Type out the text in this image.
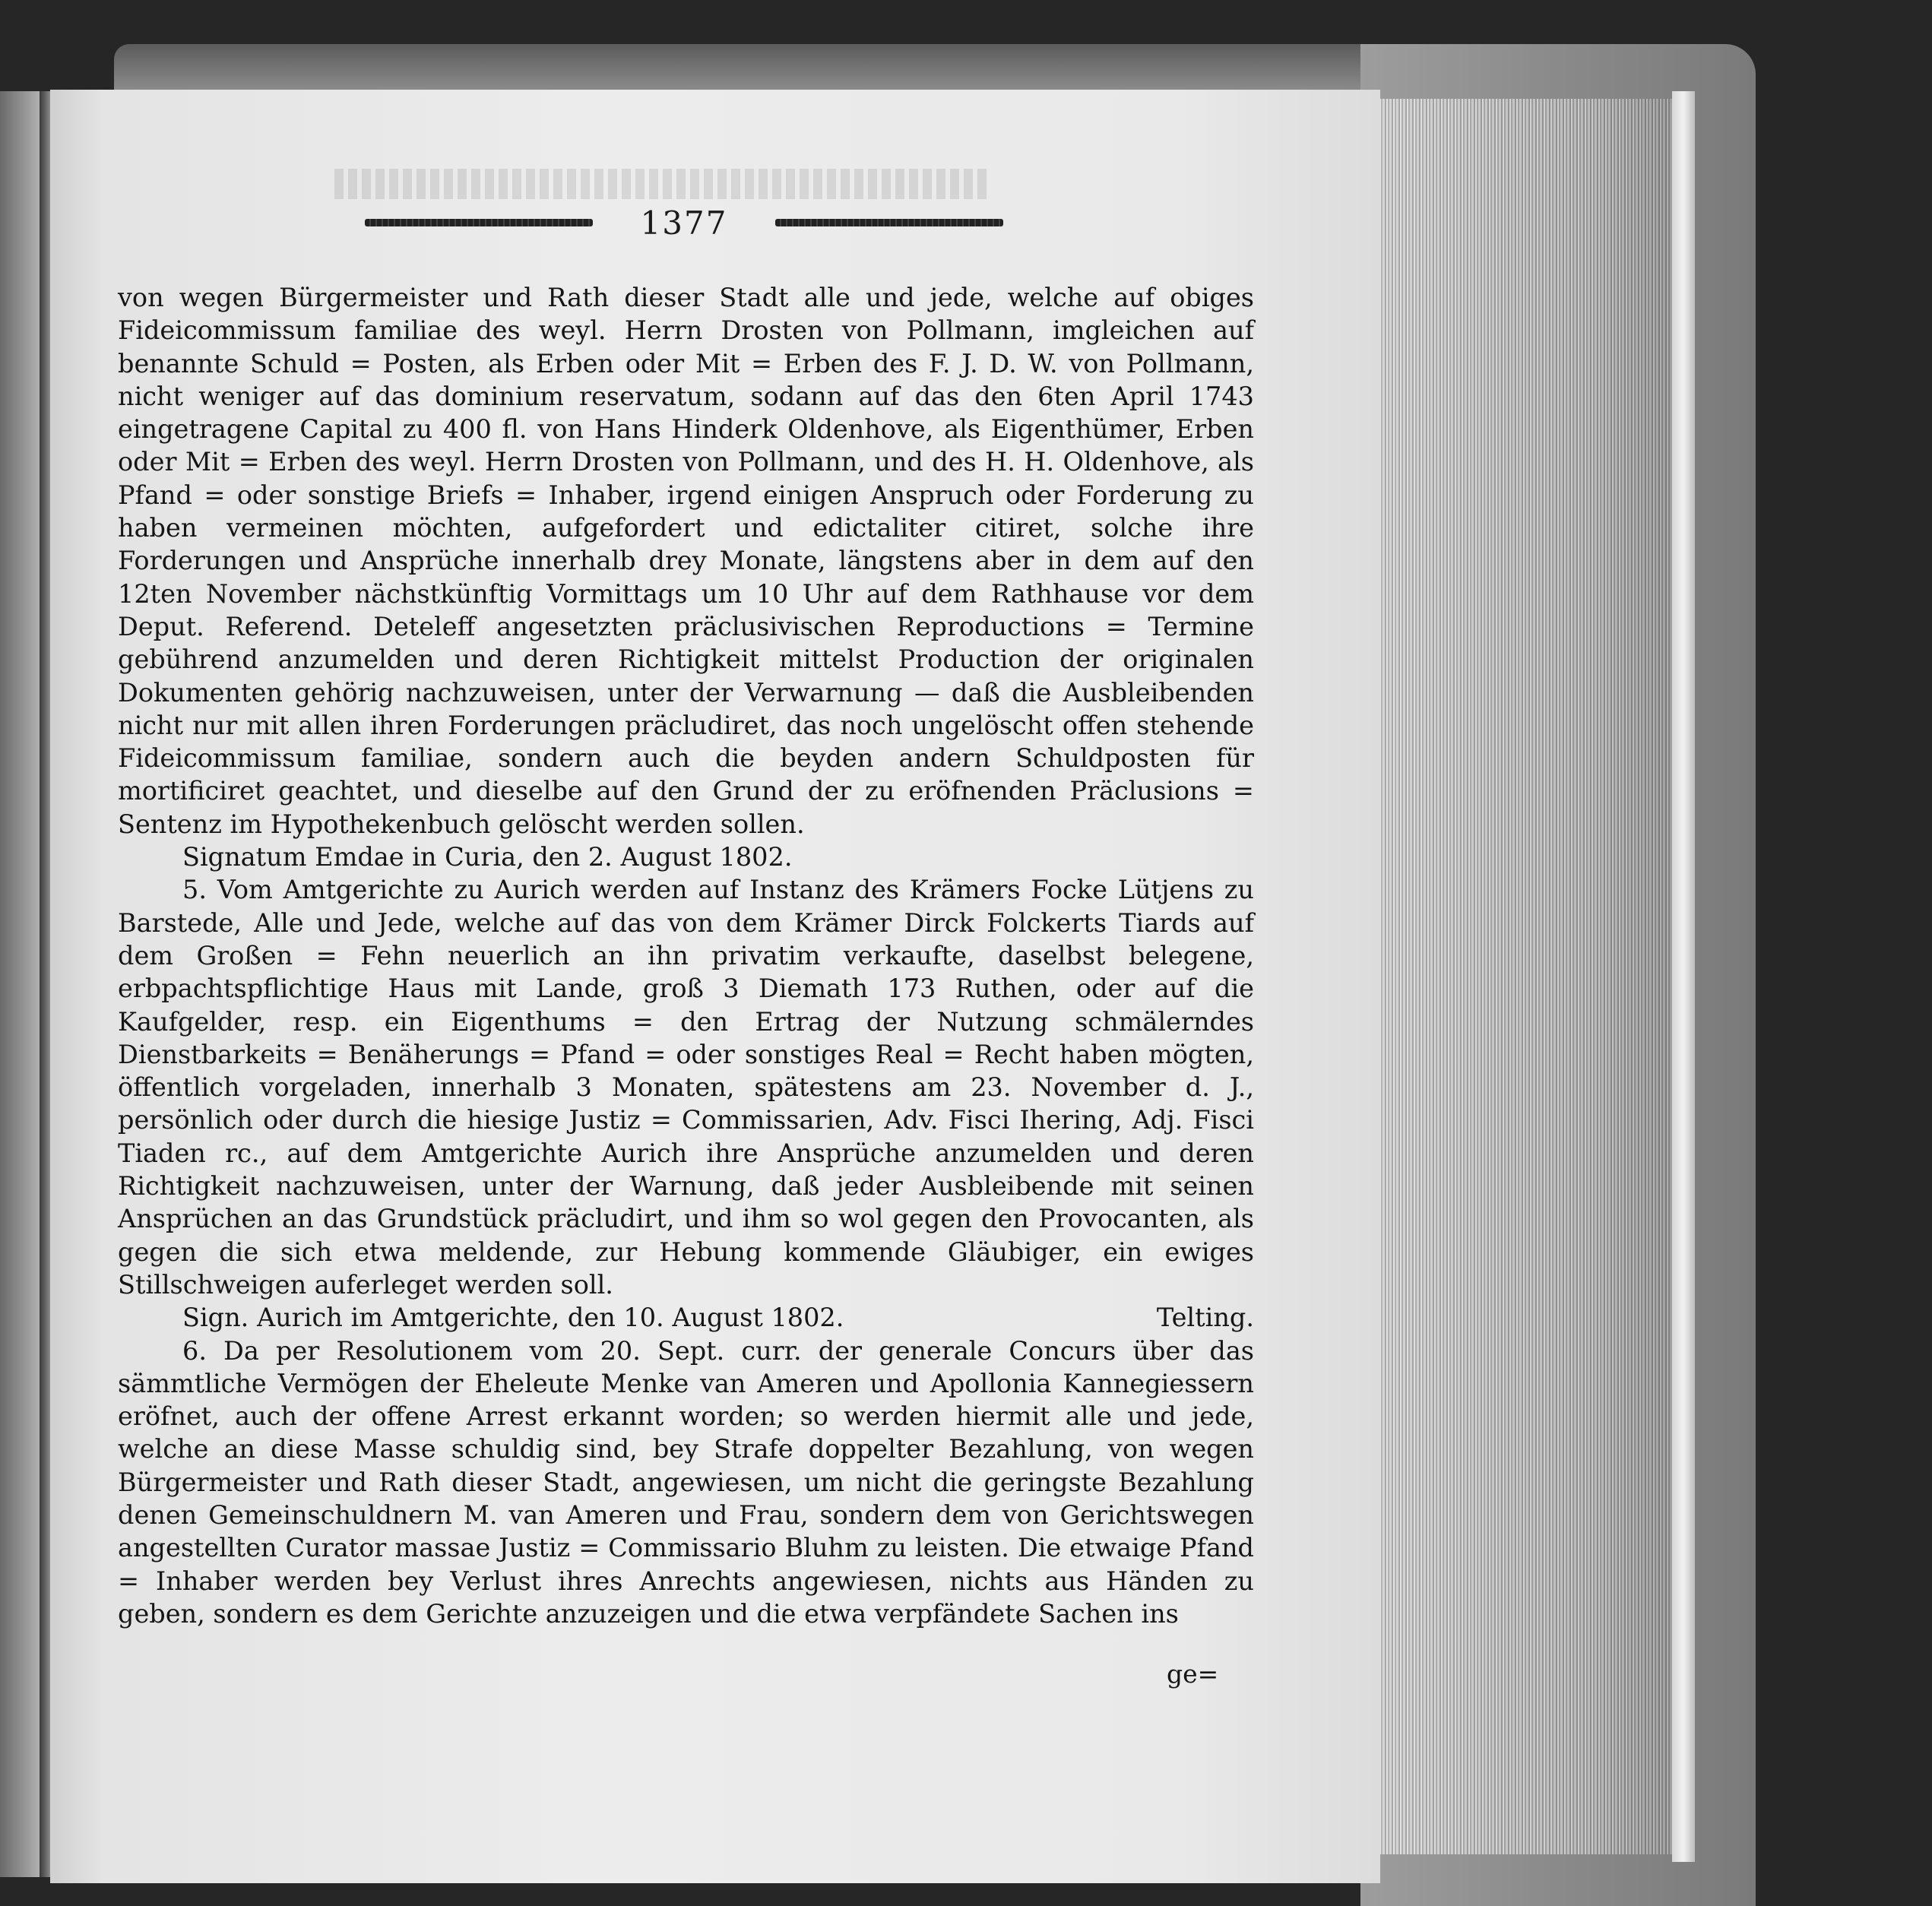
1377

von wegen Bürgermeister und Rath dieser Stadt alle und jede, welche auf obiges Fideicommissum familiae des weyl. Herrn Drosten von Pollmann, imgleichen auf benannte Schuld = Posten, als Erben oder Mit = Erben des F. J. D. W. von Pollmann, nicht weniger auf das dominium reservatum, sodann auf das den 6ten April 1743 eingetragene Capital zu 400 fl. von Hans Hinderk Oldenhove, als Eigenthümer, Erben oder Mit = Erben des weyl. Herrn Drosten von Pollmann, und des H. H. Oldenhove, als Pfand = oder sonstige Briefs = Inhaber, irgend einigen Anspruch oder Forderung zu haben vermeinen möchten, aufgefordert und edictaliter citiret, solche ihre Forderungen und Ansprüche innerhalb drey Monate, längstens aber in dem auf den 12ten November nächstkünftig Vormittags um 10 Uhr auf dem Rathhause vor dem Deput. Referend. Deteleff angesetzten präclusivischen Reproductions = Termine gebührend anzumelden und deren Richtigkeit mittelst Production der originalen Dokumenten gehörig nachzuweisen, unter der Verwarnung — daß die Ausbleibenden nicht nur mit allen ihren Forderungen präcludiret, das noch ungelöscht offen stehende Fideicommissum familiae, sondern auch die beyden andern Schuldposten für mortificiret geachtet, und dieselbe auf den Grund der zu eröfnenden Präclusions = Sentenz im Hypothekenbuch gelöscht werden sollen.

Signatum Emdae in Curia, den 2. August 1802.

5. Vom Amtgerichte zu Aurich werden auf Instanz des Krämers Focke Lütjens zu Barstede, Alle und Jede, welche auf das von dem Krämer Dirck Folckerts Tiards auf dem Großen = Fehn neuerlich an ihn privatim verkaufte, daselbst belegene, erbpachtspflichtige Haus mit Lande, groß 3 Diemath 173 Ruthen, oder auf die Kaufgelder, resp. ein Eigenthums = den Ertrag der Nutzung schmälerndes Dienstbarkeits = Benäherungs = Pfand = oder sonstiges Real = Recht haben mögten, öffentlich vorgeladen, innerhalb 3 Monaten, spätestens am 23. November d. J., persönlich oder durch die hiesige Justiz = Commissarien, Adv. Fisci Ihering, Adj. Fisci Tiaden rc., auf dem Amtgerichte Aurich ihre Ansprüche anzumelden und deren Richtigkeit nachzuweisen, unter der Warnung, daß jeder Ausbleibende mit seinen Ansprüchen an das Grundstück präcludirt, und ihm so wol gegen den Provocanten, als gegen die sich etwa meldende, zur Hebung kommende Gläubiger, ein ewiges Stillschweigen auferleget werden soll.

Sign. Aurich im Amtgerichte, den 10. August 1802.	Telting.

6. Da per Resolutionem vom 20. Sept. curr. der generale Concurs über das sämmtliche Vermögen der Eheleute Menke van Ameren und Apollonia Kannegiessern eröfnet, auch der offene Arrest erkannt worden; so werden hiermit alle und jede, welche an diese Masse schuldig sind, bey Strafe doppelter Bezahlung, von wegen Bürgermeister und Rath dieser Stadt, angewiesen, um nicht die geringste Bezahlung denen Gemeinschuldnern M. van Ameren und Frau, sondern dem von Gerichtswegen angestellten Curator massae Justiz = Commissario Bluhm zu leisten. Die etwaige Pfand = Inhaber werden bey Verlust ihres Anrechts angewiesen, nichts aus Händen zu geben, sondern es dem Gerichte anzuzeigen und die etwa verpfändete Sachen ins

ge=
